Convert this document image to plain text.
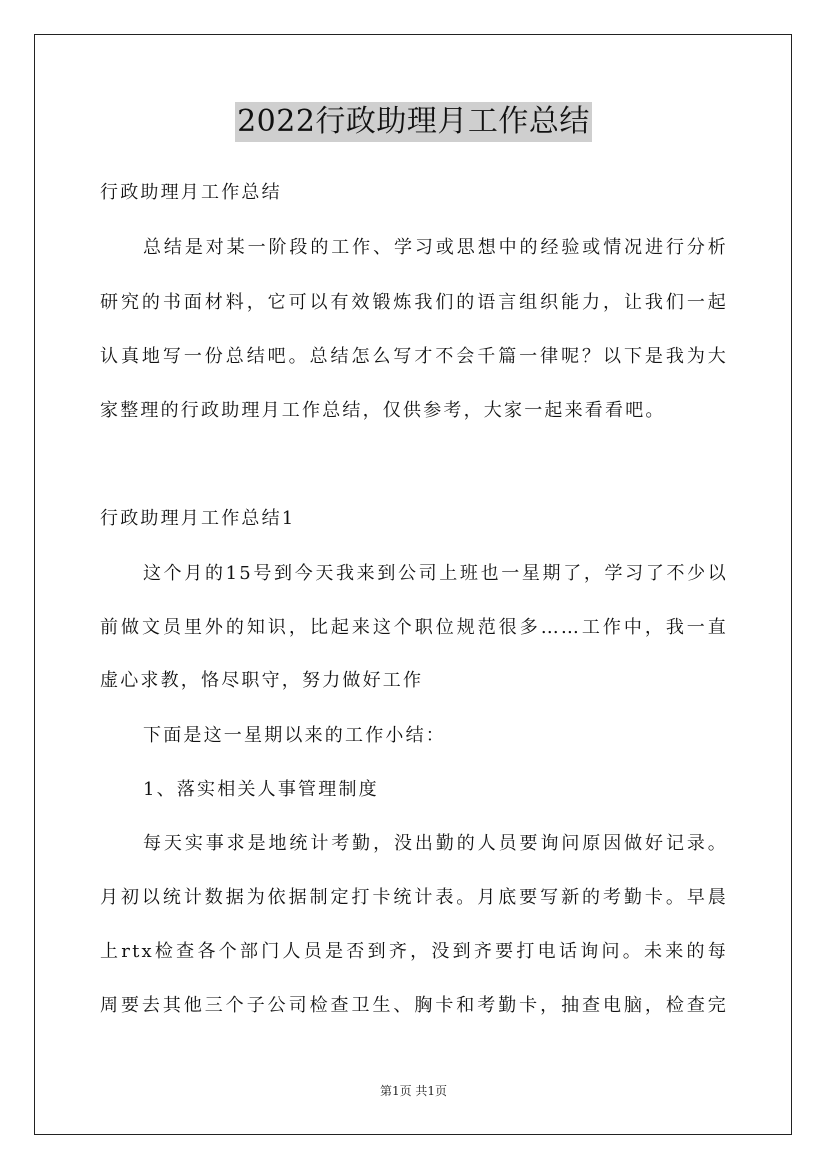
2022行政助理月工作总结

行政助理月工作总结

总结是对某一阶段的工作、学习或思想中的经验或情况进行分析

研究的书面材料，它可以有效锻炼我们的语言组织能力，让我们一起

认真地写一份总结吧。总结怎么写才不会千篇一律呢？以下是我为大

家整理的行政助理月工作总结，仅供参考，大家一起来看看吧。

行政助理月工作总结1

这个月的15号到今天我来到公司上班也一星期了，学习了不少以

前做文员里外的知识，比起来这个职位规范很多……工作中，我一直

虚心求教，恪尽职守，努力做好工作

下面是这一星期以来的工作小结：

1、落实相关人事管理制度

每天实事求是地统计考勤，没出勤的人员要询问原因做好记录。

月初以统计数据为依据制定打卡统计表。月底要写新的考勤卡。早晨

上rtx检查各个部门人员是否到齐，没到齐要打电话询问。未来的每

周要去其他三个子公司检查卫生、胸卡和考勤卡，抽查电脑，检查完

第1页 共1页
